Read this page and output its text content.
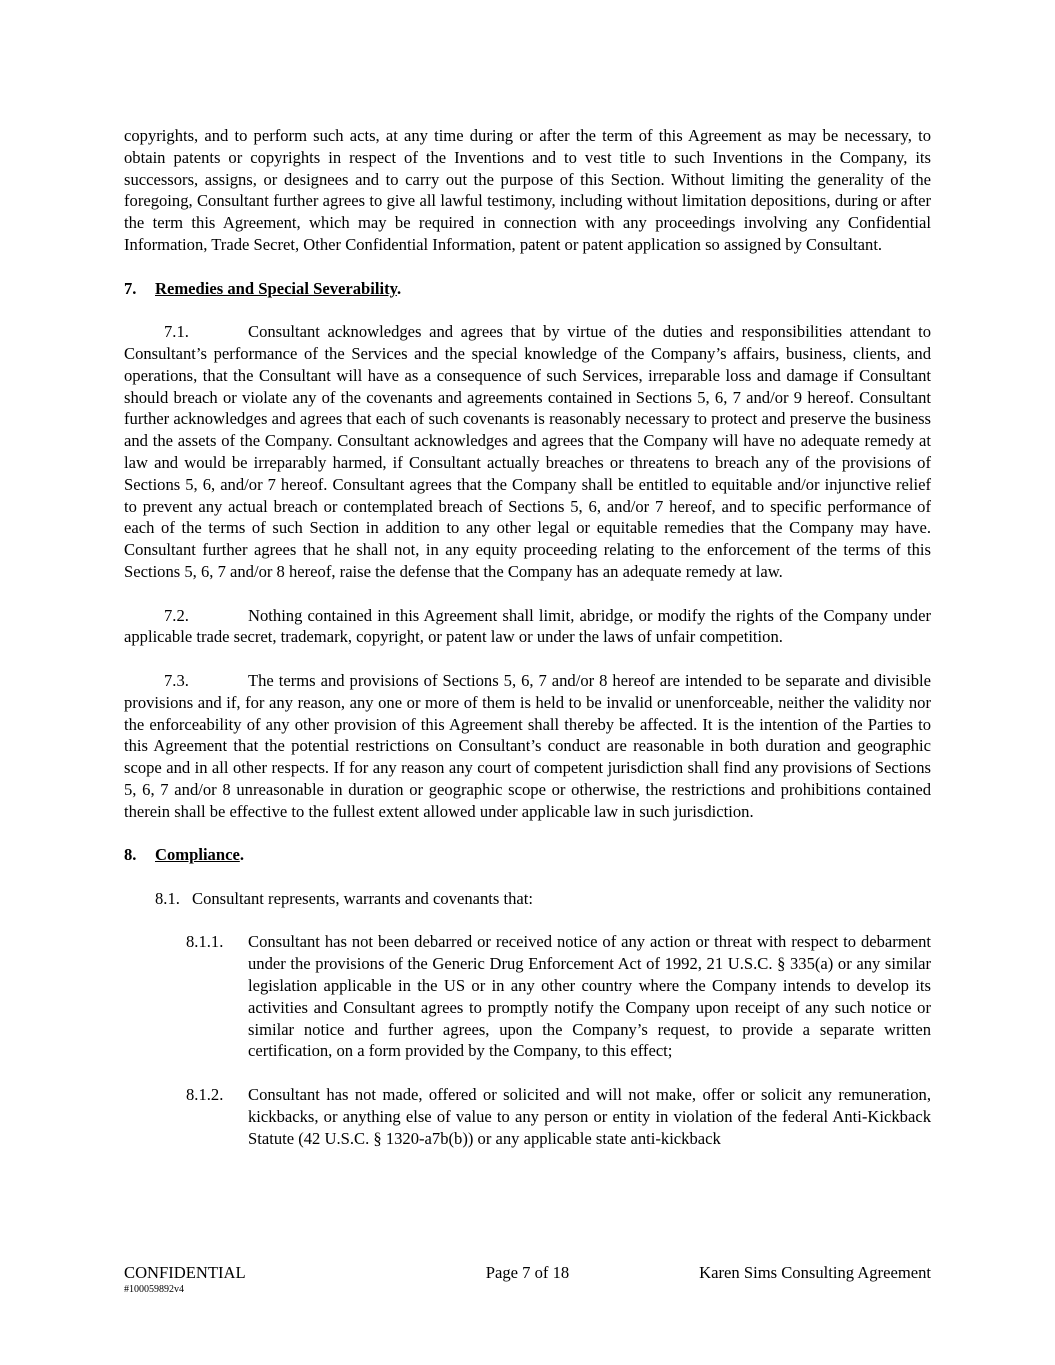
copyrights, and to perform such acts, at any time during or after the term of this Agreement as may be necessary, to obtain patents or copyrights in respect of the Inventions and to vest title to such Inventions in the Company, its successors, assigns, or designees and to carry out the purpose of this Section. Without limiting the generality of the foregoing, Consultant further agrees to give all lawful testimony, including without limitation depositions, during or after the term this Agreement, which may be required in connection with any proceedings involving any Confidential Information, Trade Secret, Other Confidential Information, patent or patent application so assigned by Consultant.

7. Remedies and Special Severability.

7.1.	Consultant acknowledges and agrees that by virtue of the duties and responsibilities attendant to Consultant’s performance of the Services and the special knowledge of the Company’s affairs, business, clients, and operations, that the Consultant will have as a consequence of such Services, irreparable loss and damage if Consultant should breach or violate any of the covenants and agreements contained in Sections 5, 6, 7 and/or 9 hereof. Consultant further acknowledges and agrees that each of such covenants is reasonably necessary to protect and preserve the business and the assets of the Company. Consultant acknowledges and agrees that the Company will have no adequate remedy at law and would be irreparably harmed, if Consultant actually breaches or threatens to breach any of the provisions of Sections 5, 6, and/or 7 hereof. Consultant agrees that the Company shall be entitled to equitable and/or injunctive relief to prevent any actual breach or contemplated breach of Sections 5, 6, and/or 7 hereof, and to specific performance of each of the terms of such Section in addition to any other legal or equitable remedies that the Company may have. Consultant further agrees that he shall not, in any equity proceeding relating to the enforcement of the terms of this Sections 5, 6, 7 and/or 8 hereof, raise the defense that the Company has an adequate remedy at law.

7.2.	Nothing contained in this Agreement shall limit, abridge, or modify the rights of the Company under applicable trade secret, trademark, copyright, or patent law or under the laws of unfair competition.

7.3.	The terms and provisions of Sections 5, 6, 7 and/or 8 hereof are intended to be separate and divisible provisions and if, for any reason, any one or more of them is held to be invalid or unenforceable, neither the validity nor the enforceability of any other provision of this Agreement shall thereby be affected. It is the intention of the Parties to this Agreement that the potential restrictions on Consultant’s conduct are reasonable in both duration and geographic scope and in all other respects. If for any reason any court of competent jurisdiction shall find any provisions of Sections 5, 6, 7 and/or 8 unreasonable in duration or geographic scope or otherwise, the restrictions and prohibitions contained therein shall be effective to the fullest extent allowed under applicable law in such jurisdiction.

8. Compliance.

8.1. Consultant represents, warrants and covenants that:

8.1.1.	Consultant has not been debarred or received notice of any action or threat with respect to debarment under the provisions of the Generic Drug Enforcement Act of 1992, 21 U.S.C. § 335(a) or any similar legislation applicable in the US or in any other country where the Company intends to develop its activities and Consultant agrees to promptly notify the Company upon receipt of any such notice or similar notice and further agrees, upon the Company’s request, to provide a separate written certification, on a form provided by the Company, to this effect;
8.1.2.	Consultant has not made, offered or solicited and will not make, offer or solicit any remuneration, kickbacks, or anything else of value to any person or entity in violation of the federal Anti-Kickback Statute (42 U.S.C. § 1320-a7b(b)) or any applicable state anti-kickback
Page 7 of 18
CONFIDENTIAL	Karen Sims Consulting Agreement
#100059892v4
